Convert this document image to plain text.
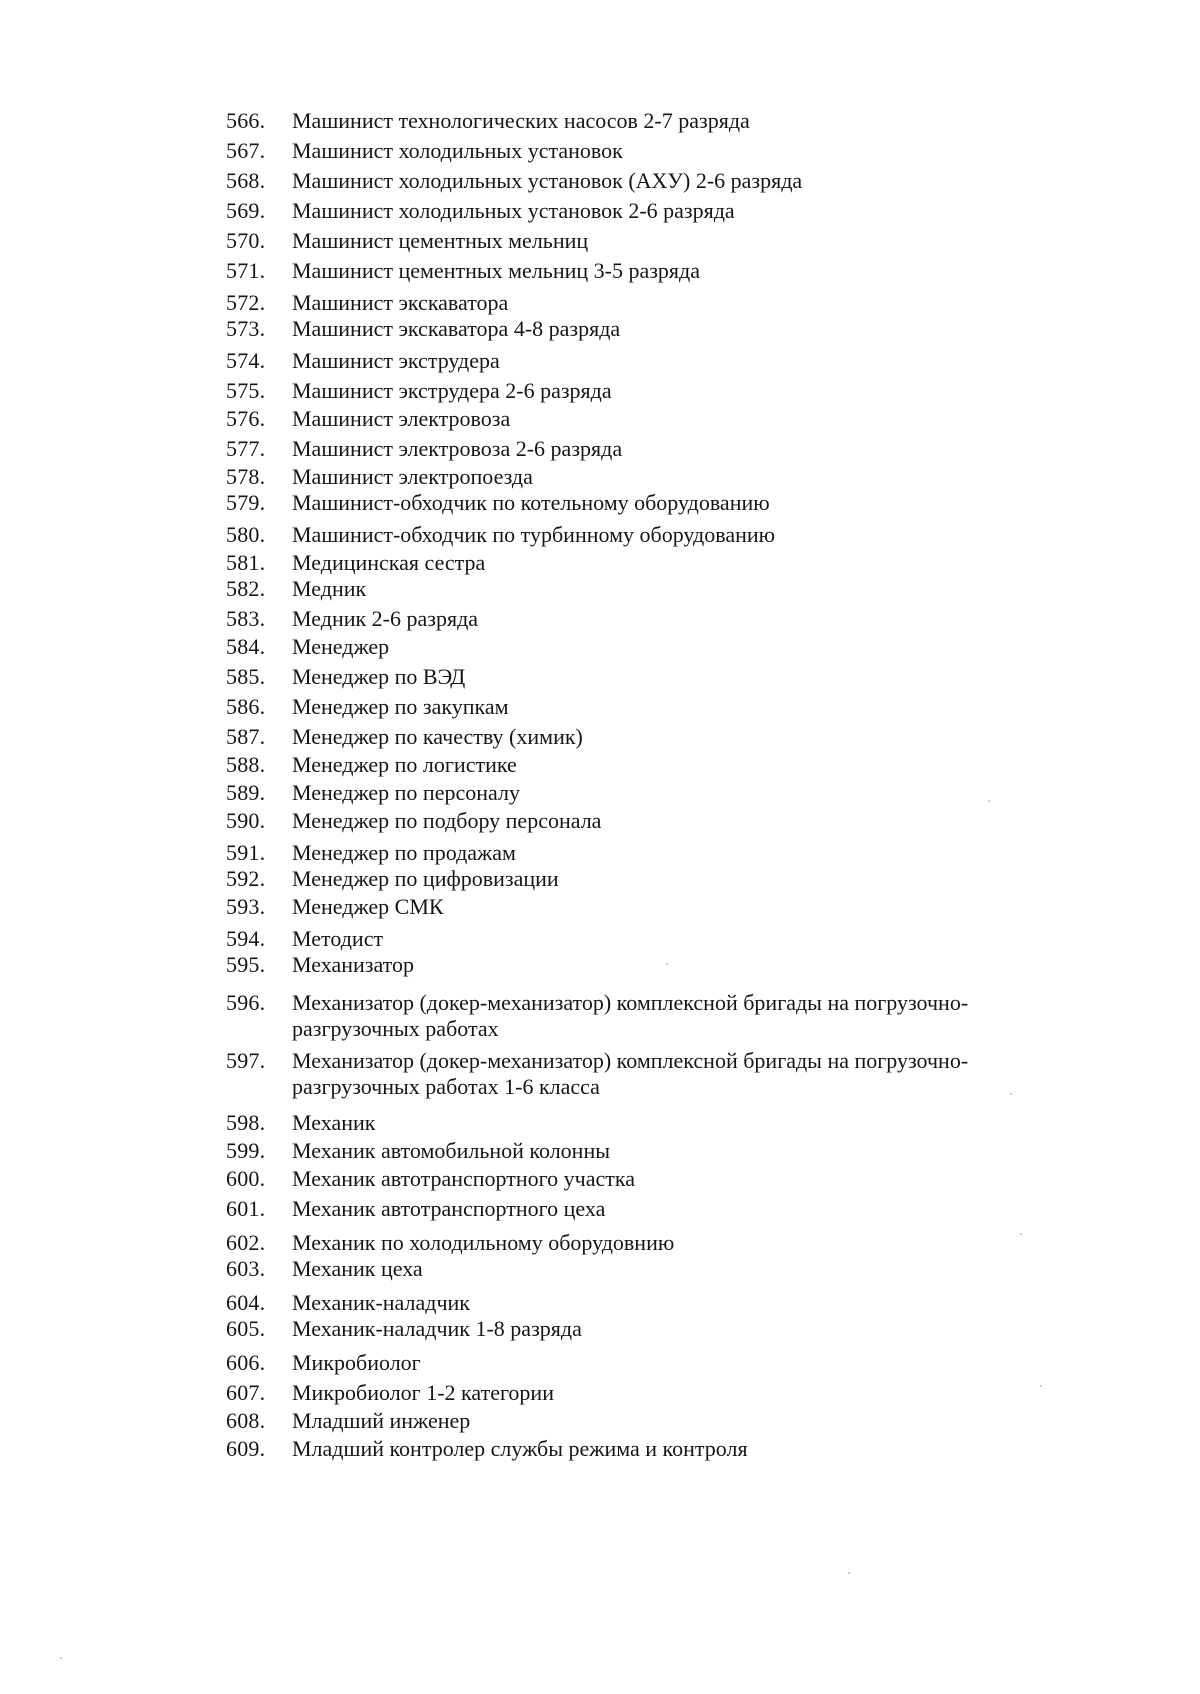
566.	Машинист технологических насосов 2-7 разряда
567.	Машинист холодильных установок
568.	Машинист холодильных установок (АХУ) 2-6 разряда
569.	Машинист холодильных установок 2-6 разряда
570.	Машинист цементных мельниц
571.	Машинист цементных мельниц 3-5 разряда
572.	Машинист экскаватора
573.	Машинист экскаватора 4-8 разряда
574.	Машинист экструдера
575.	Машинист экструдера 2-6 разряда
576.	Машинист электровоза
577.	Машинист электровоза 2-6 разряда
578.	Машинист электропоезда
579.	Машинист-обходчик по котельному оборудованию
580.	Машинист-обходчик по турбинному оборудованию
581.	Медицинская сестра
582.	Медник
583.	Медник 2-6 разряда
584.	Менеджер
585.	Менеджер по ВЭД
586.	Менеджер по закупкам
587.	Менеджер по качеству (химик)
588.	Менеджер по логистике
589.	Менеджер по персоналу
590.	Менеджер по подбору персонала
591.	Менеджер по продажам
592.	Менеджер по цифровизации
593.	Менеджер СМК
594.	Методист
595.	Механизатор
596.	Механизатор (докер-механизатор) комплексной бригады на погрузочно-
разгрузочных работах
597.	Механизатор (докер-механизатор) комплексной бригады на погрузочно-
разгрузочных работах 1-6 класса
598.	Механик
599.	Механик автомобильной колонны
600.	Механик автотранспортного участка
601.	Механик автотранспортного цеха
602.	Механик по холодильному оборудовнию
603.	Механик цеха
604.	Механик-наладчик
605.	Механик-наладчик 1-8 разряда
606.	Микробиолог
607.	Микробиолог 1-2 категории
608.	Младший инженер
609.	Младший контролер службы режима и контроля
